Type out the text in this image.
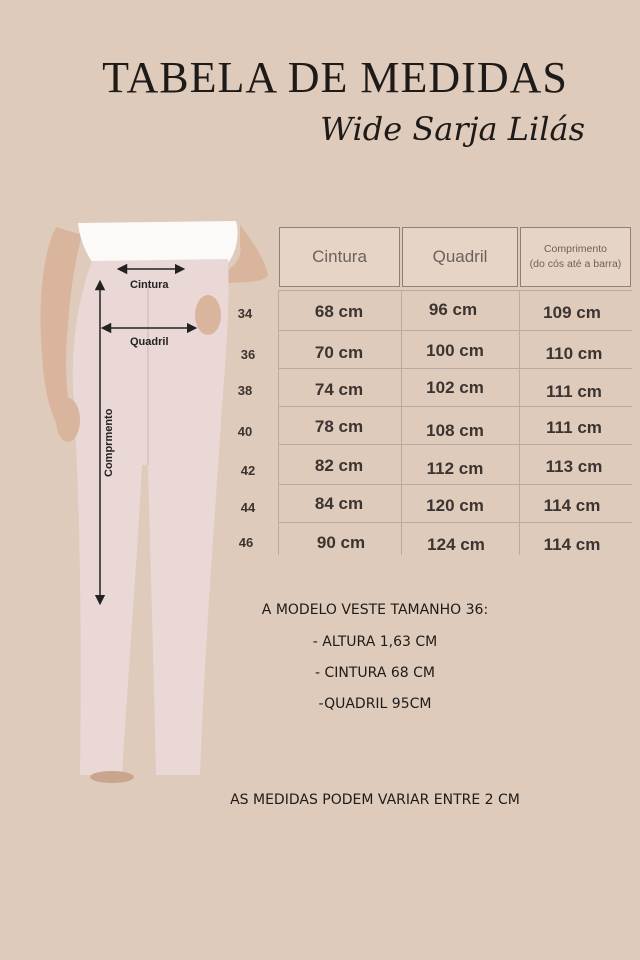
TABELA DE MEDIDAS
Wide Sarja Lilás
Cintura
Quadril
Comprmento
Cintura	Quadril	Comprimento
(do cós até a barra)
34	68 cm	96 cm	109 cm
36	70 cm	100 cm	110 cm
38	74 cm	102 cm	111 cm
40	78 cm	108 cm	111 cm
42	82 cm	112 cm	113 cm
44	84 cm	120 cm	114 cm
46	90 cm	124 cm	114 cm
A MODELO VESTE TAMANHO 36:
- ALTURA 1,63 CM
- CINTURA 68 CM
-QUADRIL 95CM
AS MEDIDAS PODEM VARIAR ENTRE 2 CM
